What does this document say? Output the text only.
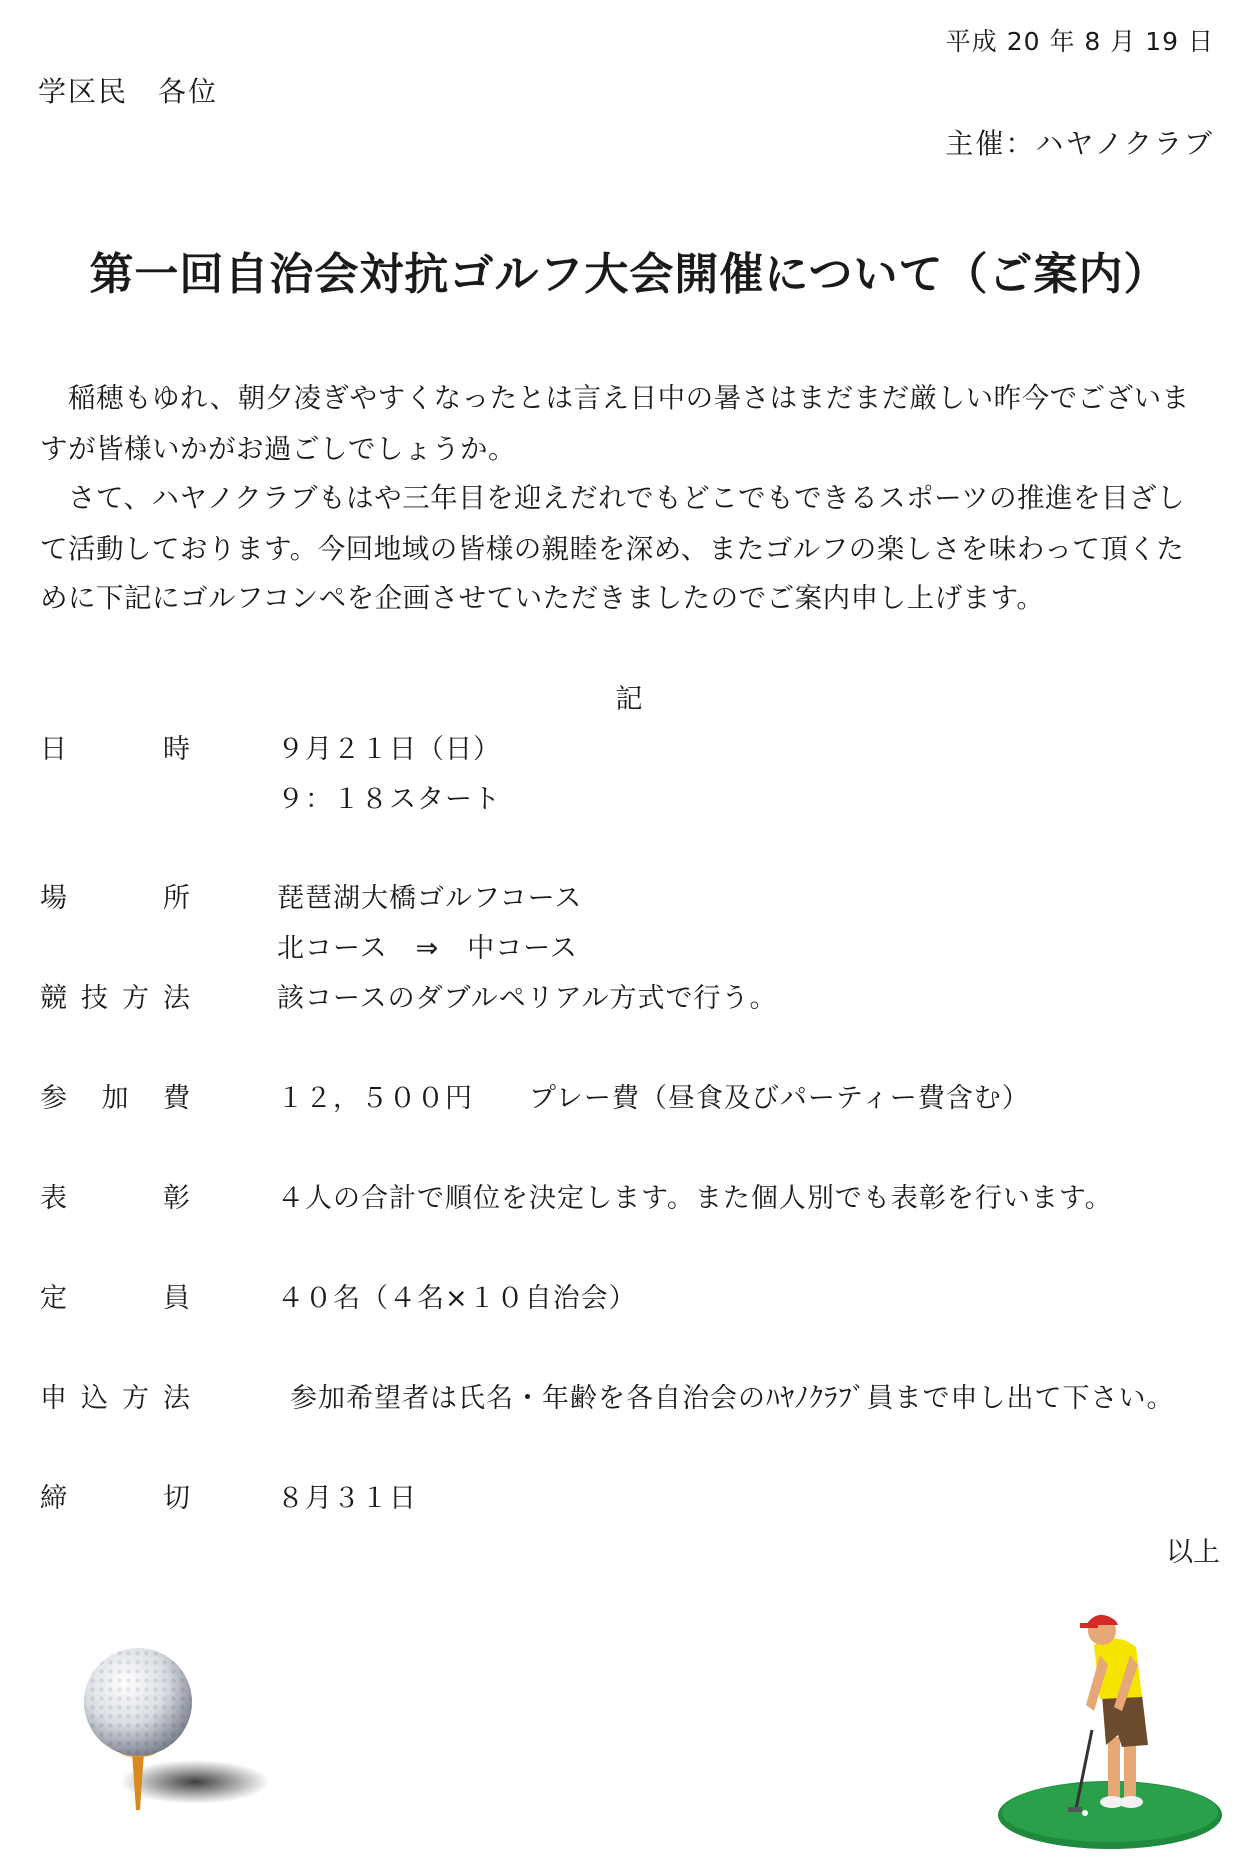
平成 20 年 8 月 19 日
学区民　各位
主催：ハヤノクラブ
第一回自治会対抗ゴルフ大会開催について（ご案内）
　稲穂もゆれ、朝夕凌ぎやすくなったとは言え日中の暑さはまだまだ厳しい昨今でございま
すが皆様いかがお過ごしでしょうか。
　さて、ハヤノクラブもはや三年目を迎えだれでもどこでもできるスポーツの推進を目ざし
て活動しております。今回地域の皆様の親睦を深め、またゴルフの楽しさを味わって頂くた
めに下記にゴルフコンペを企画させていただきましたのでご案内申し上げます。
記
日	時	９月２１日（日）
９：１８スタート
場	所	琵琶湖大橋ゴルフコース
北コース　⇒　中コース
競 技 方 法	該コースのダブルペリアル方式で行う。
参 加 費	１２，５００円　　プレー費（昼食及びパーティー費含む）
表	彰	４人の合計で順位を決定します。また個人別でも表彰を行います。
定	員	４０名（４名×１０自治会）
申 込 方 法	参加希望者は氏名・年齢を各自治会のﾊﾔﾉｸﾗﾌﾞ員まで申し出て下さい。
締	切	８月３１日
以上
